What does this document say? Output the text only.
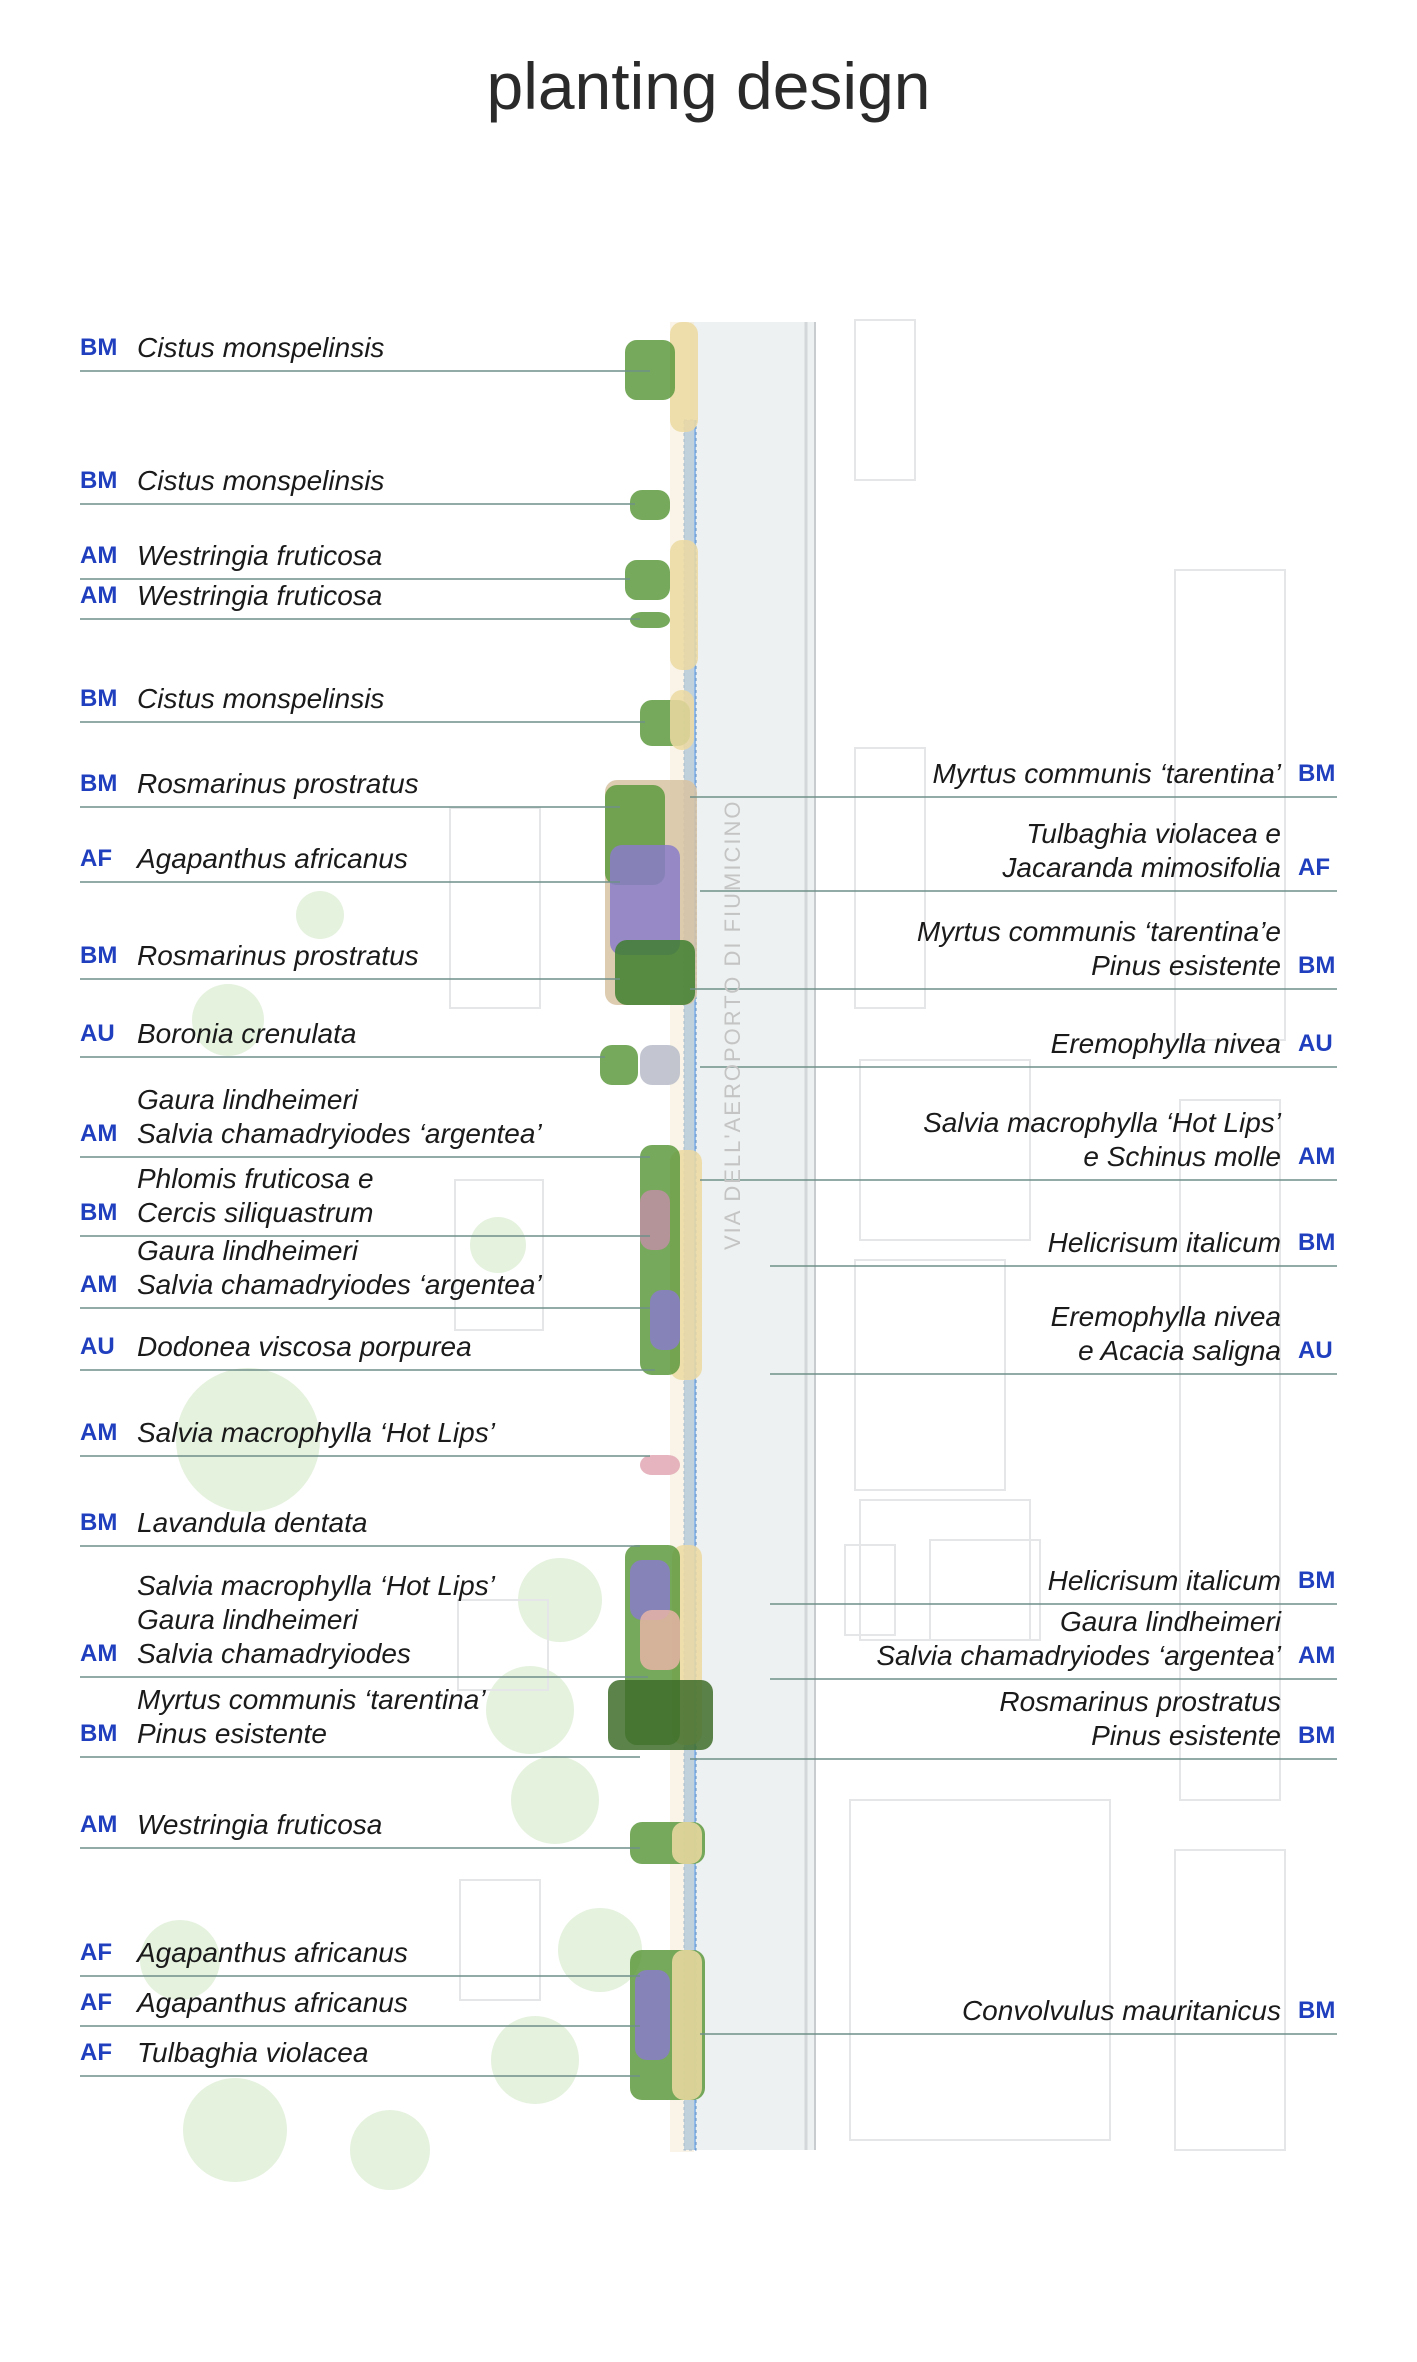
planting design
VIA DELL'AEROPORTO DI FIUMICINO
Cistus monspelinsis
BM
Cistus monspelinsis
BM
Westringia fruticosa
AM
Westringia fruticosa
AM
Cistus monspelinsis
BM
Rosmarinus prostratus
BM
Agapanthus africanus
AF
Rosmarinus prostratus
BM
Boronia crenulata
AU
Gaura lindheimeri
Salvia chamadryiodes ‘argentea’
AM
Phlomis fruticosa e
Cercis siliquastrum
BM
Gaura lindheimeri
Salvia chamadryiodes ‘argentea’
AM
Dodonea viscosa porpurea
AU
Salvia macrophylla ‘Hot Lips’
AM
Lavandula dentata
BM
Salvia macrophylla ‘Hot Lips’
Gaura lindheimeri
Salvia chamadryiodes
AM
Myrtus communis ‘tarentina’
Pinus esistente
BM
Westringia fruticosa
AM
Agapanthus africanus
AF
Agapanthus africanus
AF
Tulbaghia violacea
AF
Myrtus communis ‘tarentina’ BM
Tulbaghia violacea e
Jacaranda mimosifolia AF
Myrtus communis ‘tarentina’e
Pinus esistente BM
Eremophylla nivea AU
Salvia macrophylla ‘Hot Lips’
e Schinus molle AM
Helicrisum italicum BM
Eremophylla nivea
e Acacia saligna AU
Helicrisum italicum BM
Gaura lindheimeri
Salvia chamadryiodes ‘argentea’ AM
Rosmarinus prostratus
Pinus esistente BM
Convolvulus mauritanicus BM
